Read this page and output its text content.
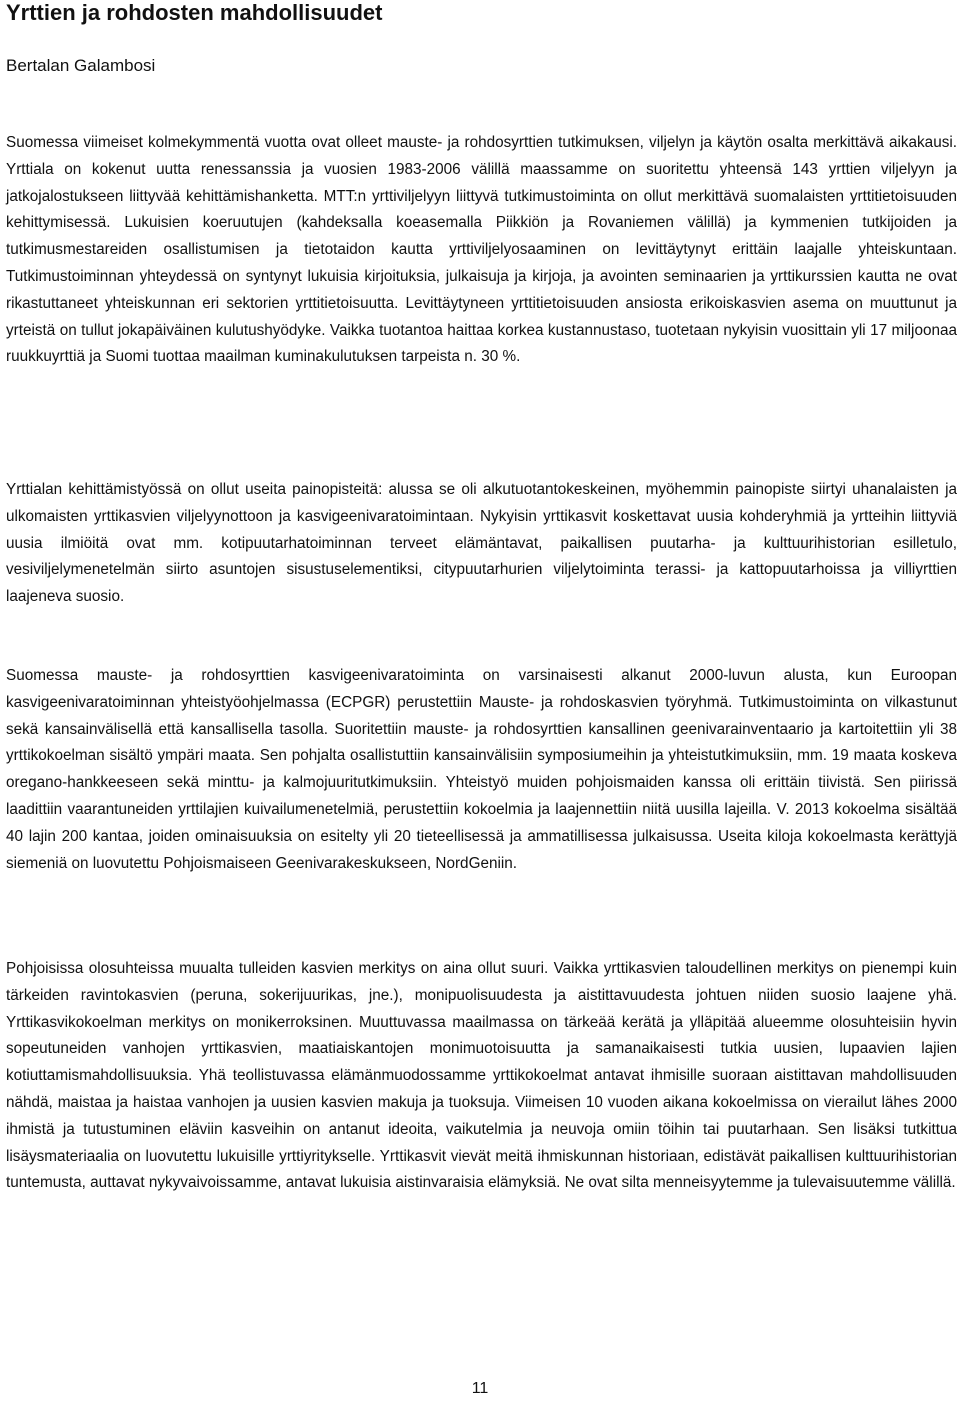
Yrttien ja rohdosten mahdollisuudet

Bertalan Galambosi

Suomessa viimeiset kolmekymmentä vuotta ovat olleet mauste- ja rohdosyrttien tutkimuksen, viljelyn ja käytön osalta merkittävä aikakausi. Yrttiala on kokenut uutta renessanssia ja vuosien 1983-2006 välillä maassamme on suoritettu yhteensä 143 yrttien viljelyyn ja jatkojalostukseen liittyvää kehittämishanketta. MTT:n yrttiviljelyyn liittyvä tutkimustoiminta on ollut merkittävä suomalaisten yrttitietoisuuden kehittymisessä. Lukuisien koeruutujen (kahdeksalla koeasemalla Piikkiön ja Rovaniemen välillä) ja kymmenien tutkijoiden ja tutkimusmestareiden osallistumisen ja tietotaidon kautta yrttiviljelyosaaminen on levittäytynyt erittäin laajalle yhteiskuntaan. Tutkimustoiminnan yhteydessä on syntynyt lukuisia kirjoituksia, julkaisuja ja kirjoja, ja avointen seminaarien ja yrttikurssien kautta ne ovat rikastuttaneet yhteiskunnan eri sektorien yrttitietoisuutta. Levittäytyneen yrttitietoisuuden ansiosta erikoiskasvien asema on muuttunut ja yrteistä on tullut jokapäiväinen kulutushyödyke. Vaikka tuotantoa haittaa korkea kustannustaso, tuotetaan nykyisin vuosittain yli 17 miljoonaa ruukkuyrttiä ja Suomi tuottaa maailman kuminakulutuksen tarpeista n. 30 %.

Yrttialan kehittämistyössä on ollut useita painopisteitä: alussa se oli alkutuotantokeskeinen, myöhemmin painopiste siirtyi uhanalaisten ja ulkomaisten yrttikasvien viljelyynottoon ja kasvigeenivaratoimintaan. Nykyisin yrttikasvit koskettavat uusia kohderyhmiä ja yrtteihin liittyviä uusia ilmiöitä ovat mm. kotipuutarhatoiminnan terveet elämäntavat, paikallisen puutarha- ja kulttuurihistorian esilletulo, vesiviljelymenetelmän siirto asuntojen sisustuselementiksi, citypuutarhurien viljelytoiminta terassi- ja kattopuutarhoissa ja villiyrttien laajeneva suosio.

Suomessa mauste- ja rohdosyrttien kasvigeenivaratoiminta on varsinaisesti alkanut 2000-luvun alusta, kun Euroopan kasvigeenivaratoiminnan yhteistyöohjelmassa (ECPGR) perustettiin Mauste- ja rohdoskasvien työryhmä. Tutkimustoiminta on vilkastunut sekä kansainvälisellä että kansallisella tasolla. Suoritettiin mauste- ja rohdosyrttien kansallinen geenivarainventaario ja kartoitettiin yli 38 yrttikokoelman sisältö ympäri maata. Sen pohjalta osallistuttiin kansainvälisiin symposiumeihin ja yhteistutkimuksiin, mm. 19 maata koskeva oregano-hankkeeseen sekä minttu- ja kalmojuuritutkimuksiin. Yhteistyö muiden pohjoismaiden kanssa oli erittäin tiivistä. Sen piirissä laadittiin vaarantuneiden yrttilajien kuivailumenetelmiä, perustettiin kokoelmia ja laajennettiin niitä uusilla lajeilla. V. 2013 kokoelma sisältää 40 lajin 200 kantaa, joiden ominaisuuksia on esitelty yli 20 tieteellisessä ja ammatillisessa julkaisussa. Useita kiloja kokoelmasta kerättyjä siemeniä on luovutettu Pohjoismaiseen Geenivarakeskukseen, NordGeniin.

Pohjoisissa olosuhteissa muualta tulleiden kasvien merkitys on aina ollut suuri. Vaikka yrttikasvien taloudellinen merkitys on pienempi kuin tärkeiden ravintokasvien (peruna, sokerijuurikas, jne.), monipuolisuudesta ja aistittavuudesta johtuen niiden suosio laajene yhä. Yrttikasvikokoelman merkitys on monikerroksinen. Muuttuvassa maailmassa on tärkeää kerätä ja ylläpitää alueemme olosuhteisiin hyvin sopeutuneiden vanhojen yrttikasvien, maatiaiskantojen monimuotoisuutta ja samanaikaisesti tutkia uusien, lupaavien lajien kotiuttamismahdollisuuksia. Yhä teollistuvassa elämänmuodossamme yrttikokoelmat antavat ihmisille suoraan aistittavan mahdollisuuden nähdä, maistaa ja haistaa vanhojen ja uusien kasvien makuja ja tuoksuja. Viimeisen 10 vuoden aikana kokoelmissa on vierailut lähes 2000 ihmistä ja tutustuminen eläviin kasveihin on antanut ideoita, vaikutelmia ja neuvoja omiin töihin tai puutarhaan. Sen lisäksi tutkittua lisäysmateriaalia on luovutettu lukuisille yrttiyritykselle. Yrttikasvit vievät meitä ihmiskunnan historiaan, edistävät paikallisen kulttuurihistorian tuntemusta, auttavat nykyvaivoissamme, antavat lukuisia aistinvaraisia elämyksiä. Ne ovat silta menneisyytemme ja tulevaisuutemme välillä.

11
